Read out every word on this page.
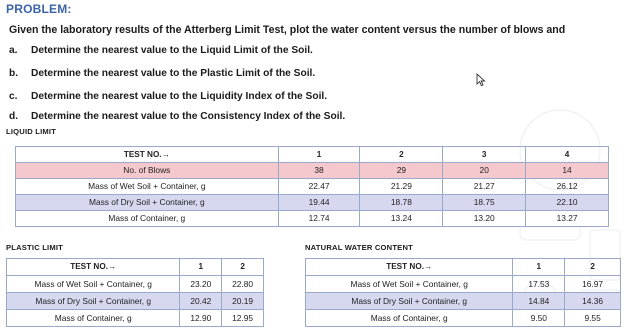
PROBLEM:
Given the laboratory results of the Atterberg Limit Test, plot the water content versus the number of blows and
a. Determine the nearest value to the Liquid Limit of the Soil.
b. Determine the nearest value to the Plastic Limit of the Soil.
c. Determine the nearest value to the Liquidity Index of the Soil.
d. Determine the nearest value to the Consistency Index of the Soil.
LIQUID LIMIT
TEST NO.→	1	2	3	4
No. of Blows	38	29	20	14
Mass of Wet Soil + Container, g	22.47	21.29	21.27	26.12
Mass of Dry Soil + Container, g	19.44	18.78	18.75	22.10
Mass of Container, g	12.74	13.24	13.20	13.27
PLASTIC LIMIT
TEST NO.→	1	2
Mass of Wet Soil + Container, g	23.20	22.80
Mass of Dry Soil + Container, g	20.42	20.19
Mass of Container, g	12.90	12.95
NATURAL WATER CONTENT
TEST NO.→	1	2
Mass of Wet Soil + Container, g	17.53	16.97
Mass of Dry Soil + Container, g	14.84	14.36
Mass of Container, g	9.50	9.55
